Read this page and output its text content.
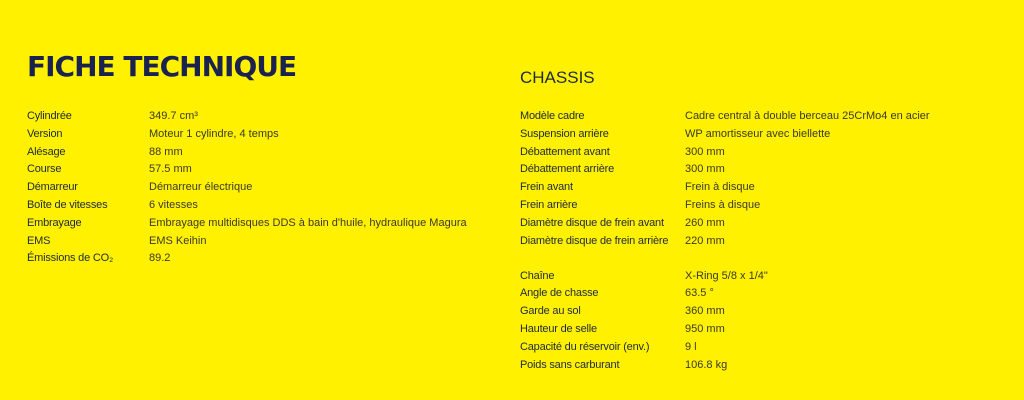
FICHE TECHNIQUE	CHASSIS
Cylindrée	349.7 cm³
Version	Moteur 1 cylindre, 4 temps
Alésage	88 mm
Course	57.5 mm
Démarreur	Démarreur électrique
Boîte de vitesses	6 vitesses
Embrayage	Embrayage multidisques DDS à bain d'huile, hydraulique Magura
EMS	EMS Keihin
Émissions de CO₂	89.2
Modèle cadre	Cadre central à double berceau 25CrMo4 en acier
Suspension arrière	WP amortisseur avec biellette
Débattement avant	300 mm
Débattement arrière	300 mm
Frein avant	Frein à disque
Frein arrière	Freins à disque
Diamètre disque de frein avant	260 mm
Diamètre disque de frein arrière	220 mm
Chaîne	X-Ring 5/8 x 1/4"
Angle de chasse	63.5 °
Garde au sol	360 mm
Hauteur de selle	950 mm
Capacité du réservoir (env.)	9 l
Poids sans carburant	106.8 kg
